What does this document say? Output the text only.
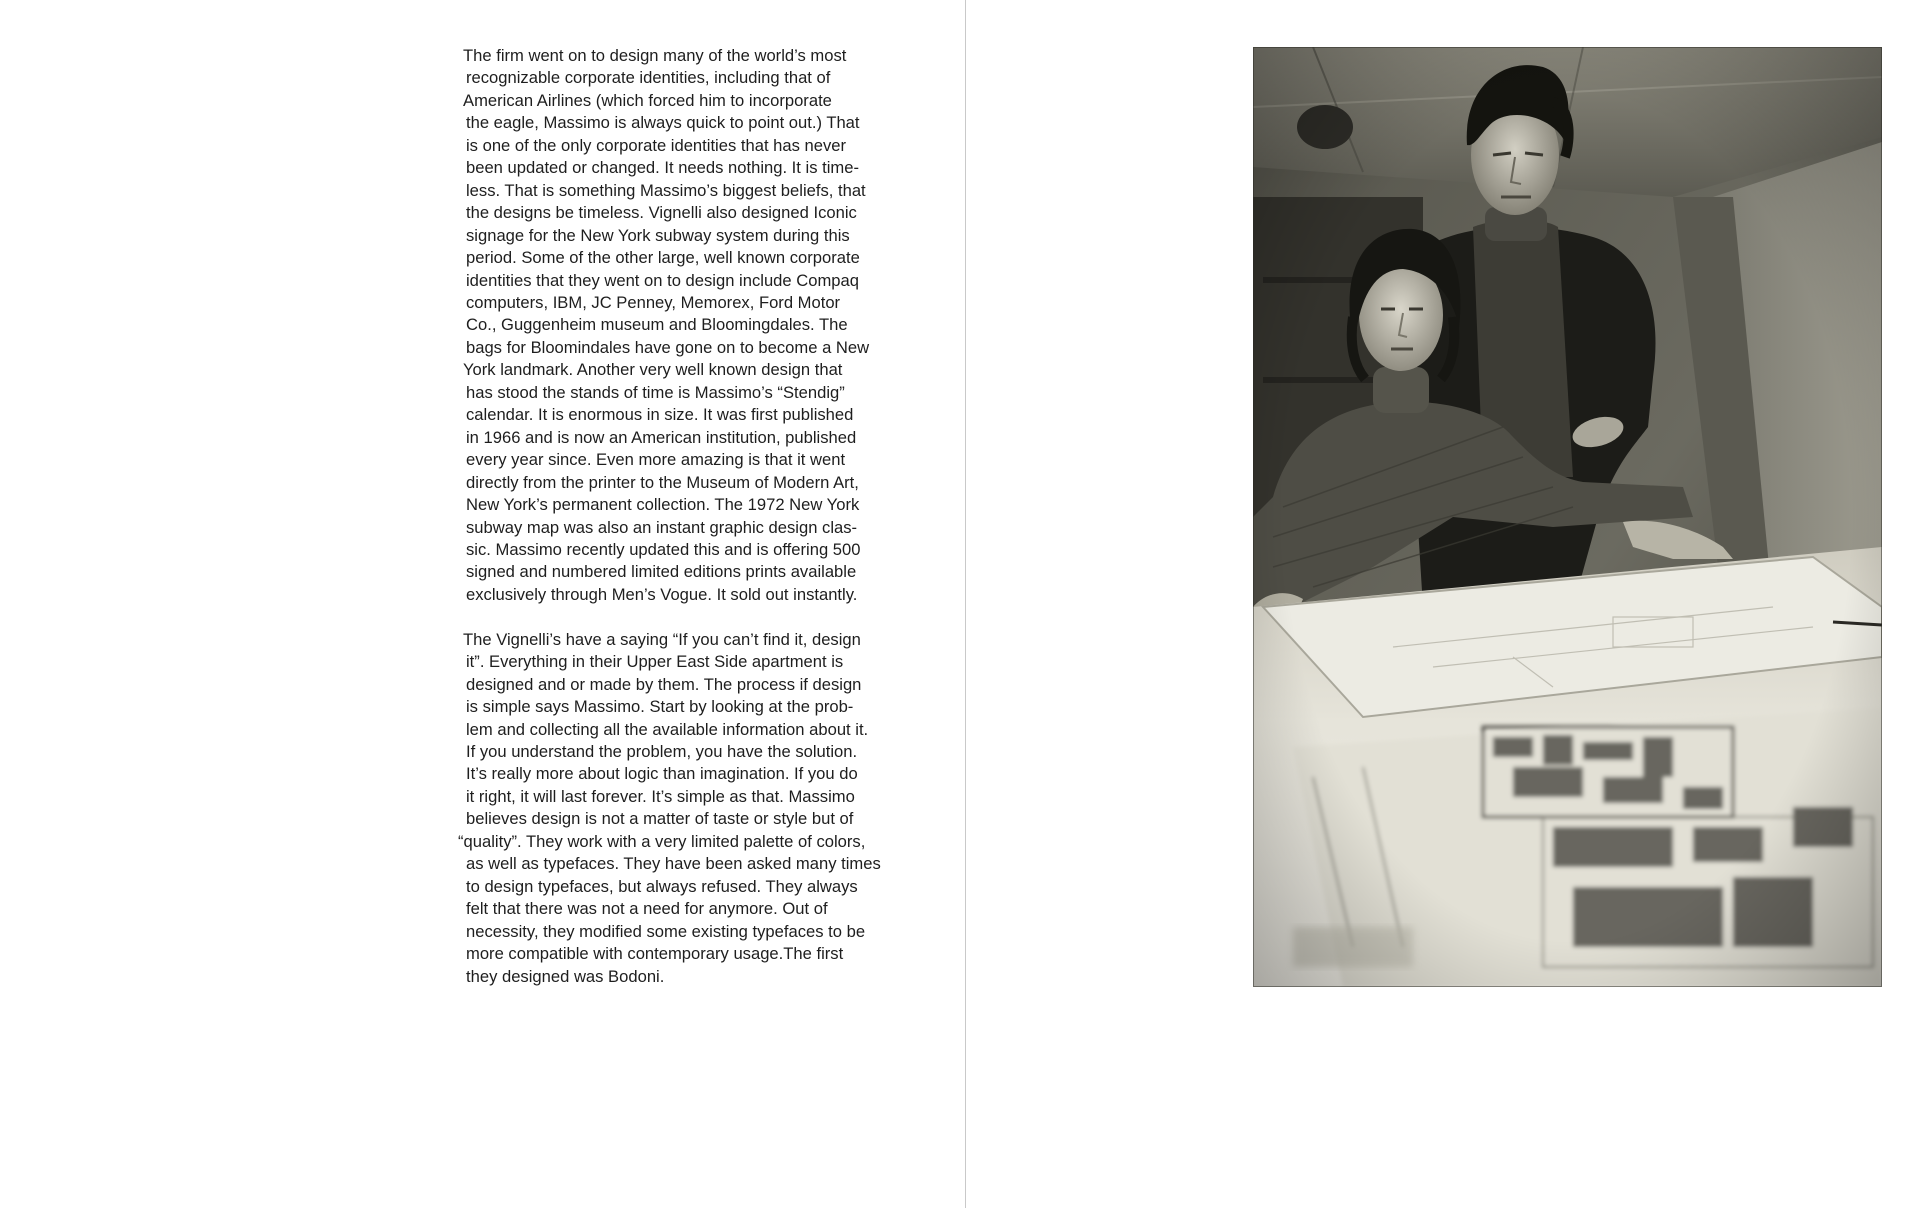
The firm went on to design many of the world’s most
recognizable corporate identities, including that of
American Airlines (which forced him to incorporate
the eagle, Massimo is always quick to point out.) That
is one of the only corporate identities that has never
been updated or changed. It needs nothing. It is time-
less. That is something Massimo’s biggest beliefs, that
the designs be timeless. Vignelli also designed Iconic
signage for the New York subway system during this
period. Some of the other large, well known corporate
identities that they went on to design include Compaq
computers, IBM, JC Penney, Memorex, Ford Motor
Co., Guggenheim museum and Bloomingdales. The
bags for Bloomindales have gone on to become a New
York landmark. Another very well known design that
has stood the stands of time is Massimo’s “Stendig”
calendar. It is enormous in size. It was first published
in 1966 and is now an American institution, published
every year since. Even more amazing is that it went
directly from the printer to the Museum of Modern Art,
New York’s permanent collection. The 1972 New York
subway map was also an instant graphic design clas-
sic. Massimo recently updated this and is offering 500
signed and numbered limited editions prints available
exclusively through Men’s Vogue. It sold out instantly.
The Vignelli’s have a saying “If you can’t find it, design
it”. Everything in their Upper East Side apartment is
designed and or made by them. The process if design
is simple says Massimo. Start by looking at the prob-
lem and collecting all the available information about it.
If you understand the problem, you have the solution.
It’s really more about logic than imagination. If you do
it right, it will last forever. It’s simple as that. Massimo
believes design is not a matter of taste or style but of
“quality”. They work with a very limited palette of colors,
as well as typefaces. They have been asked many times
to design typefaces, but always refused. They always
felt that there was not a need for anymore. Out of
necessity, they modified some existing typefaces to be
more compatible with contemporary usage.The first
they designed was Bodoni.
